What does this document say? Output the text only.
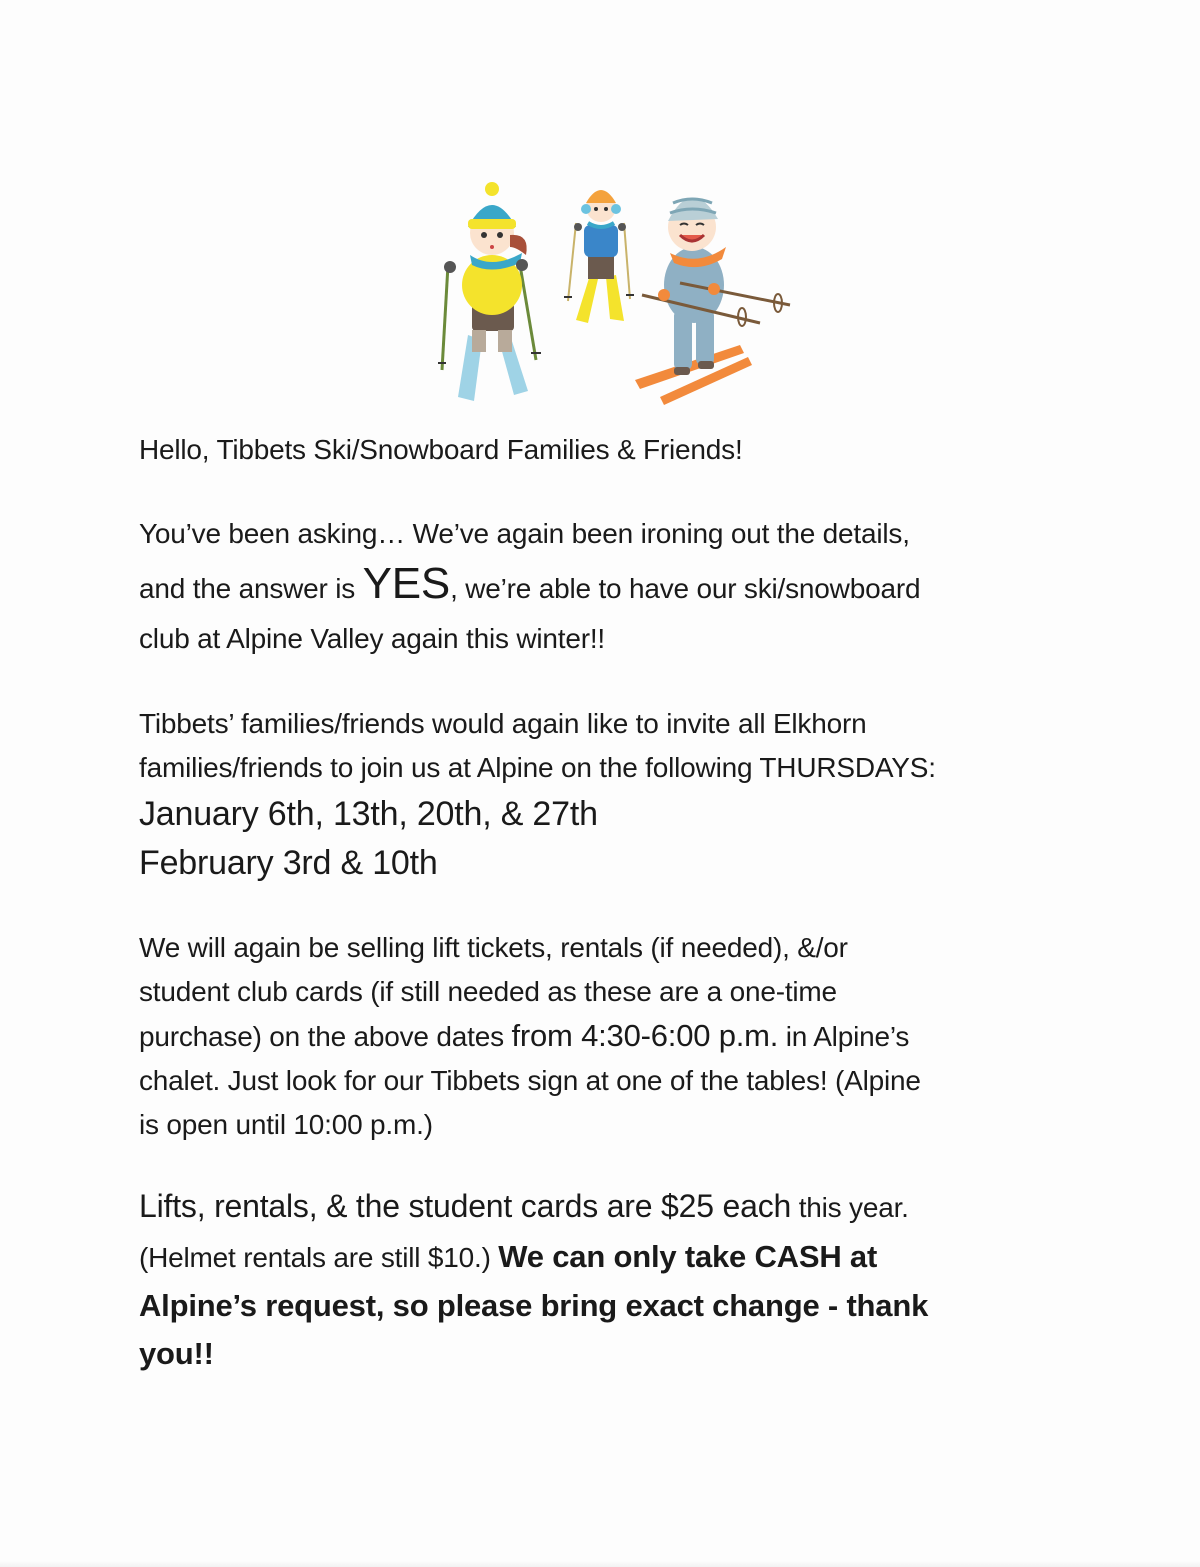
Hello, Tibbets Ski/Snowboard Families & Friends!

You’ve been asking… We’ve again been ironing out the details,

and the answer is YES, we’re able to have our ski/snowboard

club at Alpine Valley again this winter!!

Tibbets’ families/friends would again like to invite all Elkhorn

families/friends to join us at Alpine on the following THURSDAYS:

January 6th, 13th, 20th, & 27th

February 3rd & 10th

We will again be selling lift tickets, rentals (if needed), &/or

student club cards (if still needed as these are a one-time

purchase) on the above dates from 4:30-6:00 p.m. in Alpine’s

chalet. Just look for our Tibbets sign at one of the tables! (Alpine

is open until 10:00 p.m.)

Lifts, rentals, & the student cards are $25 each this year.

(Helmet rentals are still $10.) We can only take CASH at

Alpine’s request, so please bring exact change - thank

you!!
